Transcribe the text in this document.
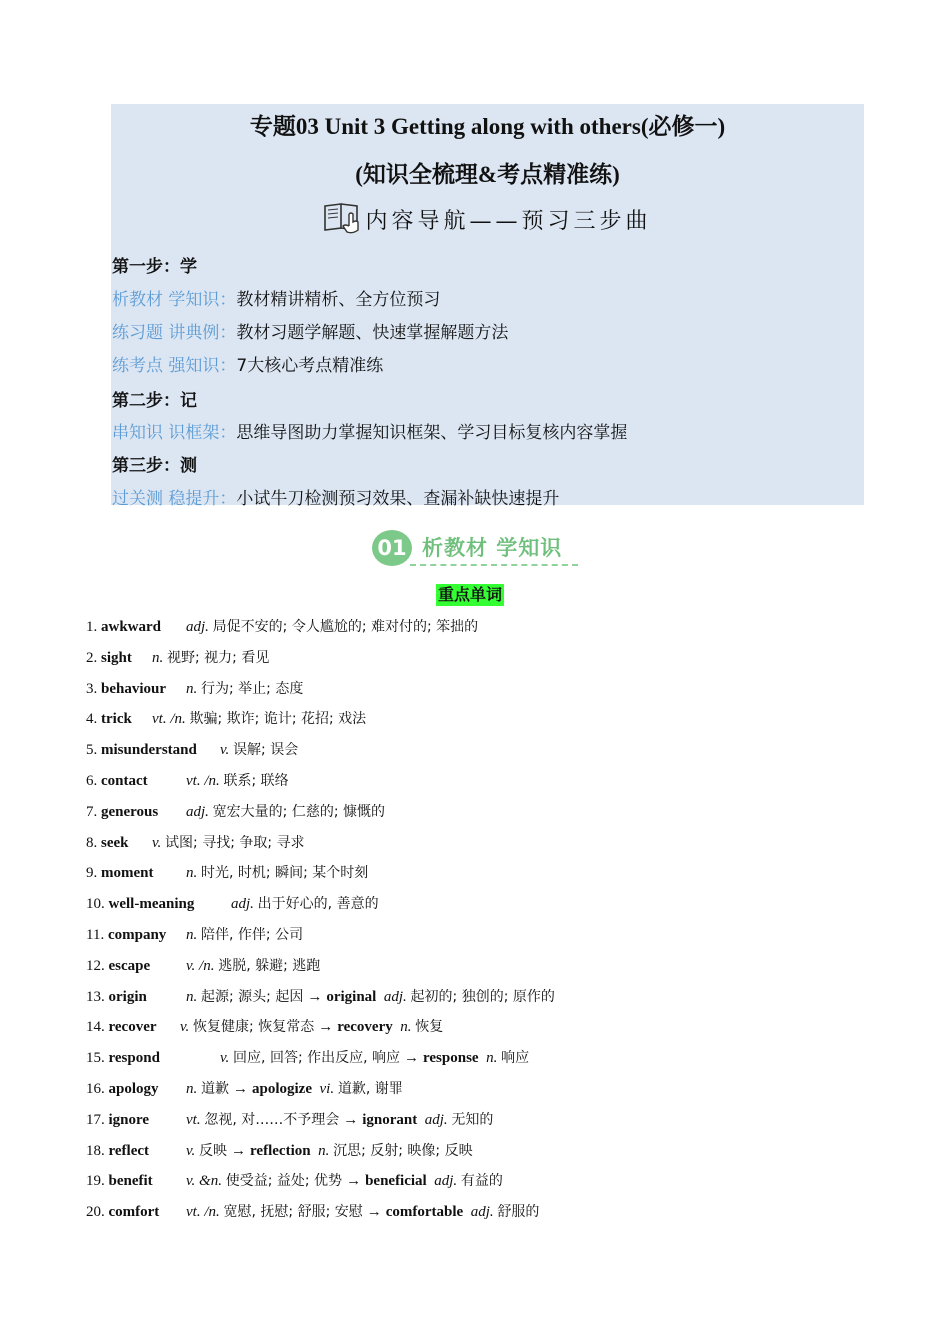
专题03 Unit 3 Getting along with others(必修一)
(知识全梳理&考点精准练)
内容导航——预习三步曲
第一步：学
析教材 学知识：教材精讲精析、全方位预习
练习题 讲典例：教材习题学解题、快速掌握解题方法
练考点 强知识：7大核心考点精准练
第二步：记
串知识 识框架：思维导图助力掌握知识框架、学习目标复核内容掌握
第三步：测
过关测 稳提升：小试牛刀检测预习效果、查漏补缺快速提升
01 析教材 学知识
重点单词
1. awkward adj. 局促不安的; 令人尴尬的; 难对付的; 笨拙的
2. sight n. 视野; 视力; 看见
3. behaviour n. 行为; 举止; 态度
4. trick vt. /n. 欺骗; 欺诈; 诡计; 花招; 戏法
5. misunderstand v. 误解; 误会
6. contact	vt. /n. 联系; 联络
7. generous adj. 宽宏大量的; 仁慈的; 慷慨的
8. seek v. 试图; 寻找; 争取; 寻求
9. moment n. 时光, 时机; 瞬间; 某个时刻
10. well-meaning adj. 出于好心的, 善意的
11. company n. 陪伴, 作伴; 公司
12. escape v. /n. 逃脱, 躲避; 逃跑
13. origin	n. 起源; 源头; 起因 → original adj. 起初的; 独创的; 原作的
14. recover v. 恢复健康; 恢复常态 → recovery n. 恢复
15. respond	v. 回应, 回答; 作出反应, 响应 → response n. 响应
16. apology n. 道歉 → apologize vi. 道歉, 谢罪
17. ignore vt. 忽视, 对……不予理会 → ignorant adj. 无知的
18. reflect v. 反映 → reflection n. 沉思; 反射; 映像; 反映
19. benefit v. &n. 使受益; 益处; 优势 → beneficial adj. 有益的
20. comfort vt. /n. 宽慰, 抚慰; 舒服; 安慰 → comfortable adj. 舒服的
